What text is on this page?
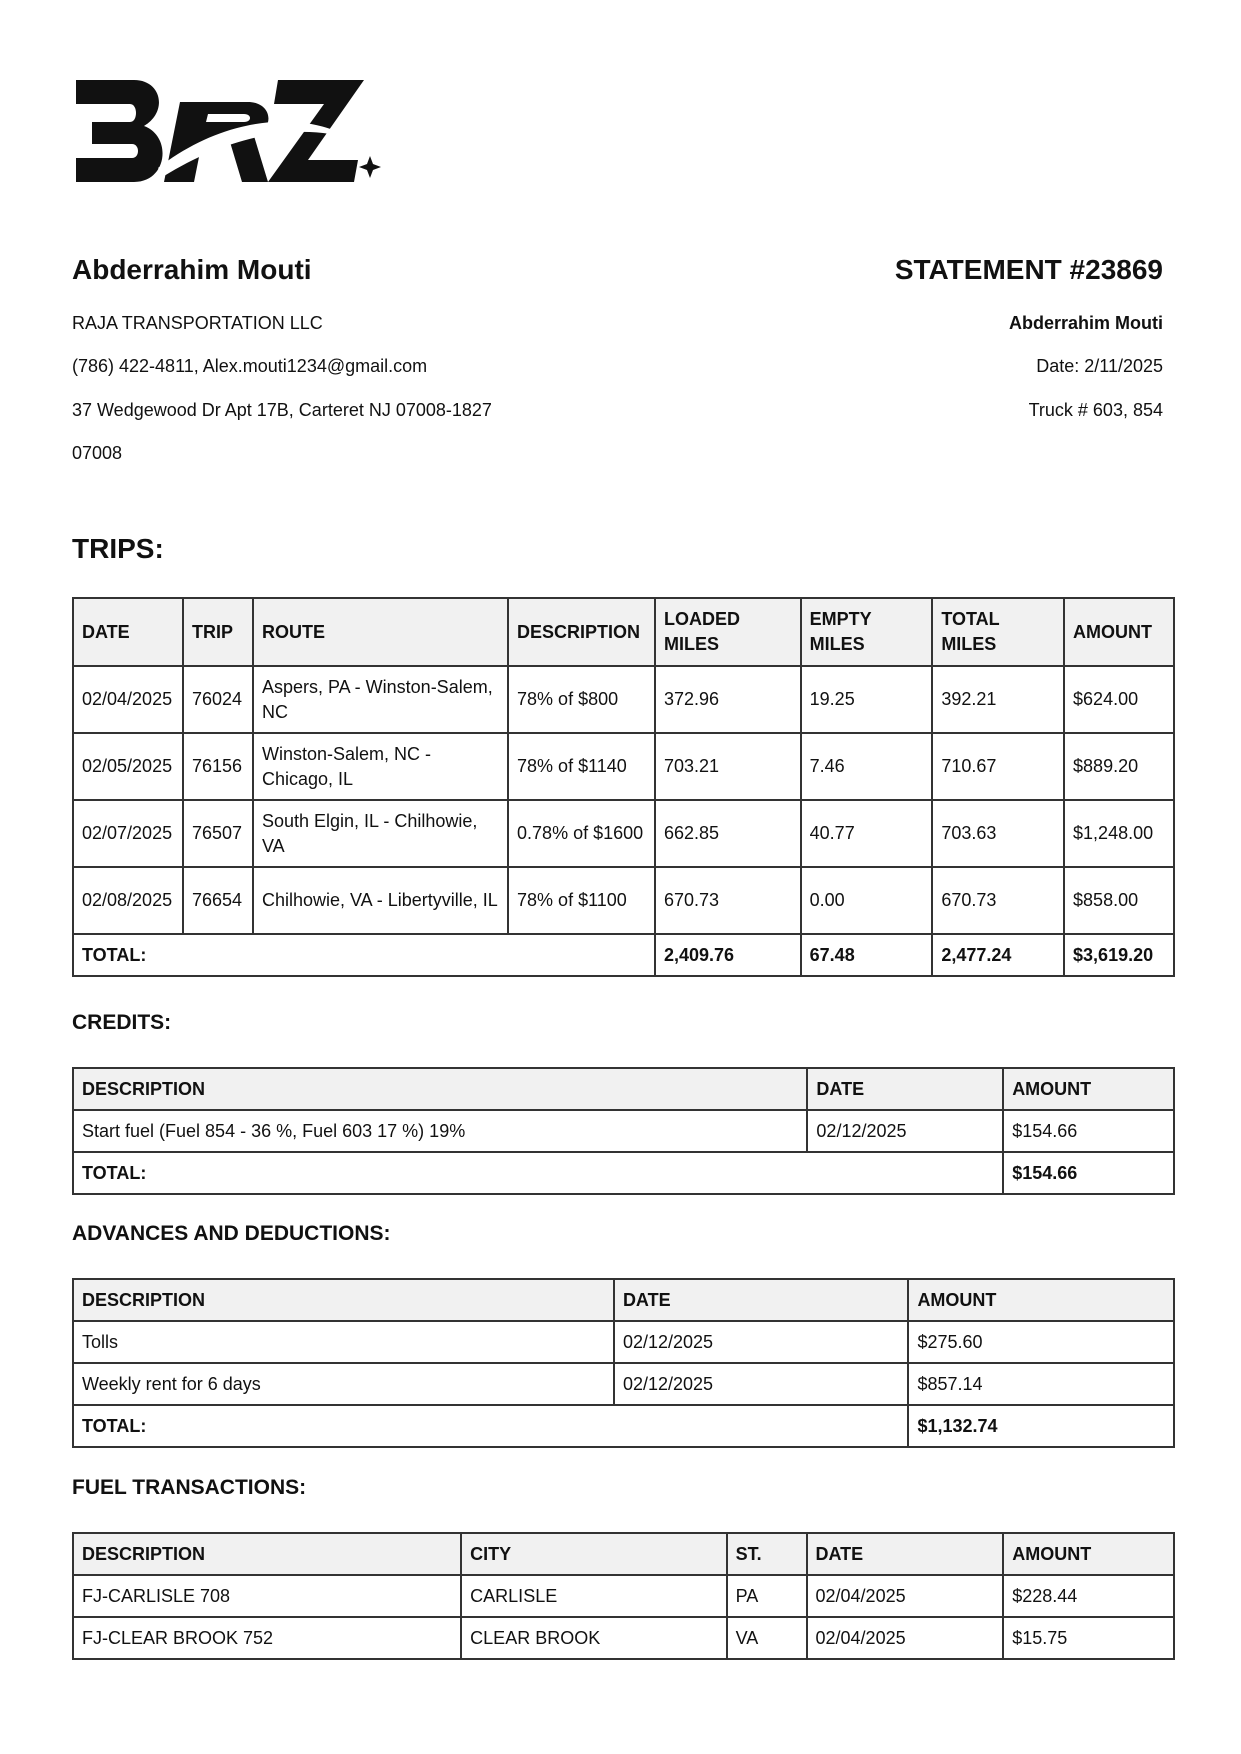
Abderrahim Mouti	STATEMENT #23869
RAJA TRANSPORTATION LLC
(786) 422-4811, Alex.mouti1234@gmail.com
37 Wedgewood Dr Apt 17B, Carteret NJ 07008-1827
07008
Abderrahim Mouti
Date: 2/11/2025
Truck # 603, 854
TRIPS:
DATE	TRIP	ROUTE	DESCRIPTION	LOADED MILES	EMPTY MILES	TOTAL MILES	AMOUNT
02/04/2025	76024	Aspers, PA - Winston-Salem, NC	78% of $800	372.96	19.25	392.21	$624.00
02/05/2025	76156	Winston-Salem, NC - Chicago, IL	78% of $1140	703.21	7.46	710.67	$889.20
02/07/2025	76507	South Elgin, IL - Chilhowie, VA	0.78% of $1600	662.85	40.77	703.63	$1,248.00
02/08/2025	76654	Chilhowie, VA - Libertyville, IL	78% of $1100	670.73	0.00	670.73	$858.00
TOTAL:				2,409.76	67.48	2,477.24	$3,619.20
CREDITS:
DESCRIPTION	DATE	AMOUNT
Start fuel (Fuel 854 - 36 %, Fuel 603 17 %) 19%	02/12/2025	$154.66
TOTAL:		$154.66
ADVANCES AND DEDUCTIONS:
DESCRIPTION	DATE	AMOUNT
Tolls	02/12/2025	$275.60
Weekly rent for 6 days	02/12/2025	$857.14
TOTAL:		$1,132.74
FUEL TRANSACTIONS:
DESCRIPTION	CITY	ST.	DATE	AMOUNT
FJ-CARLISLE 708	CARLISLE	PA	02/04/2025	$228.44
FJ-CLEAR BROOK 752	CLEAR BROOK	VA	02/04/2025	$15.75
